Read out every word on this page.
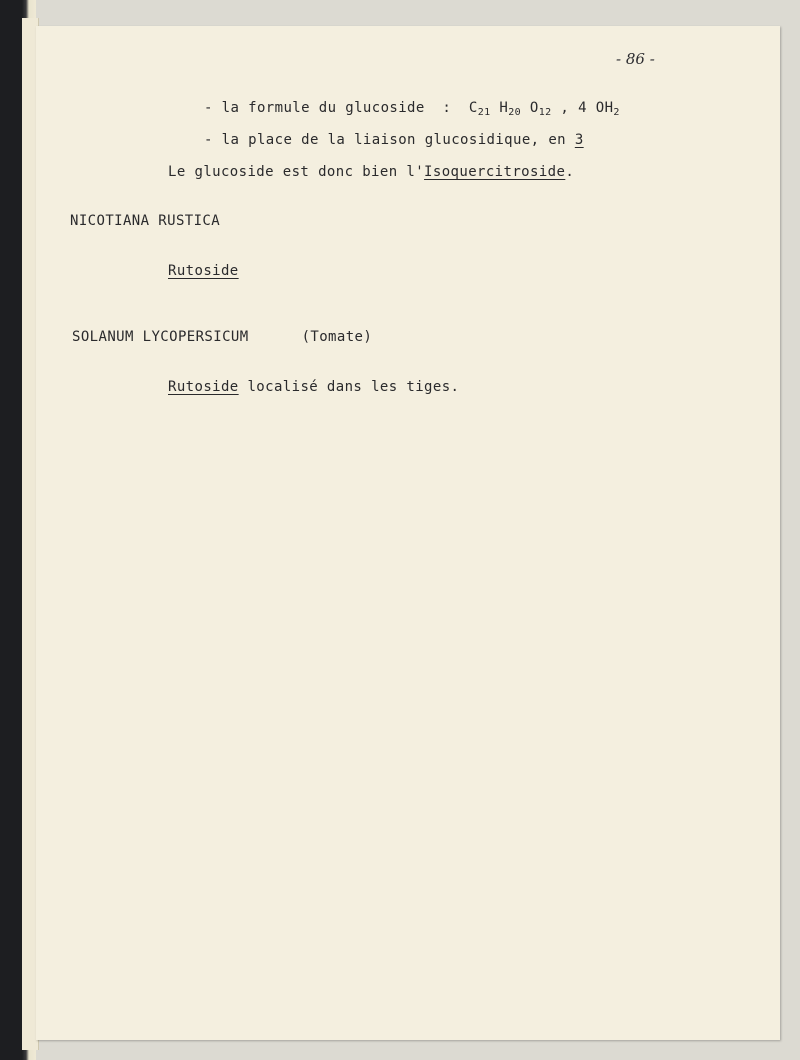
- 86 -
- la formule du glucoside  :  $C_{21}$ $H_{20}$ $O_{12}$ , 4 $OH_2$
- la place de la liaison glucosidique, en 3
Le glucoside est donc bien l'Isoquercitroside.
NICOTIANA RUSTICA
Rutoside
SOLANUM LYCOPERSICUM	(Tomate)
Rutoside localisé dans les tiges.
